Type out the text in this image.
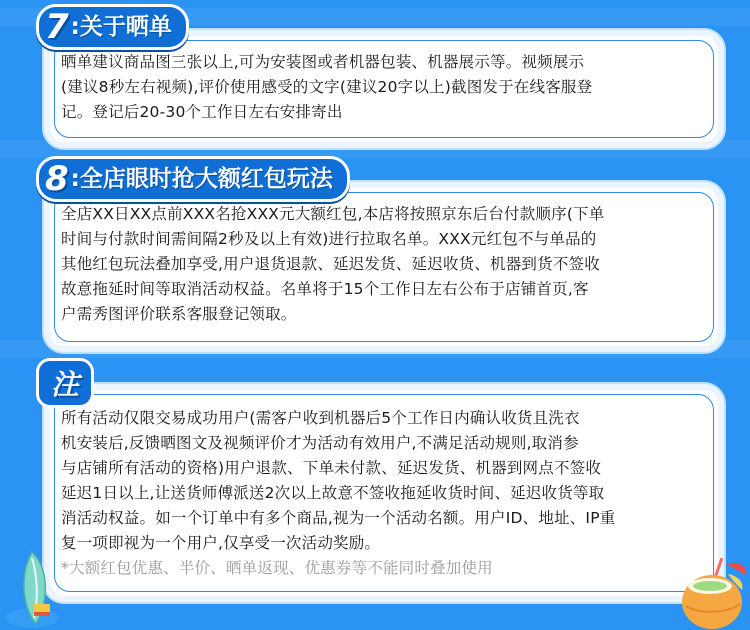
晒单建议商品图三张以上,可为安装图或者机器包装、机器展示等。视频展示
(建议8秒左右视频),评价使用感受的文字(建议20字以上)截图发于在线客服登
记。登记后20-30个工作日左右安排寄出
7 :关于晒单
全店XX日XX点前XXX名抢XXX元大额红包,本店将按照京东后台付款顺序(下单
时间与付款时间需间隔2秒及以上有效)进行拉取名单。XXX元红包不与单品的
其他红包玩法叠加享受,用户退货退款、延迟发货、延迟收货、机器到货不签收
故意拖延时间等取消活动权益。名单将于15个工作日左右公布于店铺首页,客
户需秀图评价联系客服登记领取。
8 :全店眼时抢大额红包玩法
所有活动仅限交易成功用户(需客户收到机器后5个工作日内确认收货且洗衣
机安装后,反馈晒图文及视频评价才为活动有效用户,不满足活动规则,取消参
与店铺所有活动的资格)用户退款、下单未付款、延迟发货、机器到网点不签收
延迟1日以上,让送货师傅派送2次以上故意不签收拖延收货时间、延迟收货等取
消活动权益。如一个订单中有多个商品,视为一个活动名额。用户ID、地址、IP重
复一项即视为一个用户,仅享受一次活动奖励。
*大额红包优惠、半价、晒单返现、优惠券等不能同时叠加使用
注
